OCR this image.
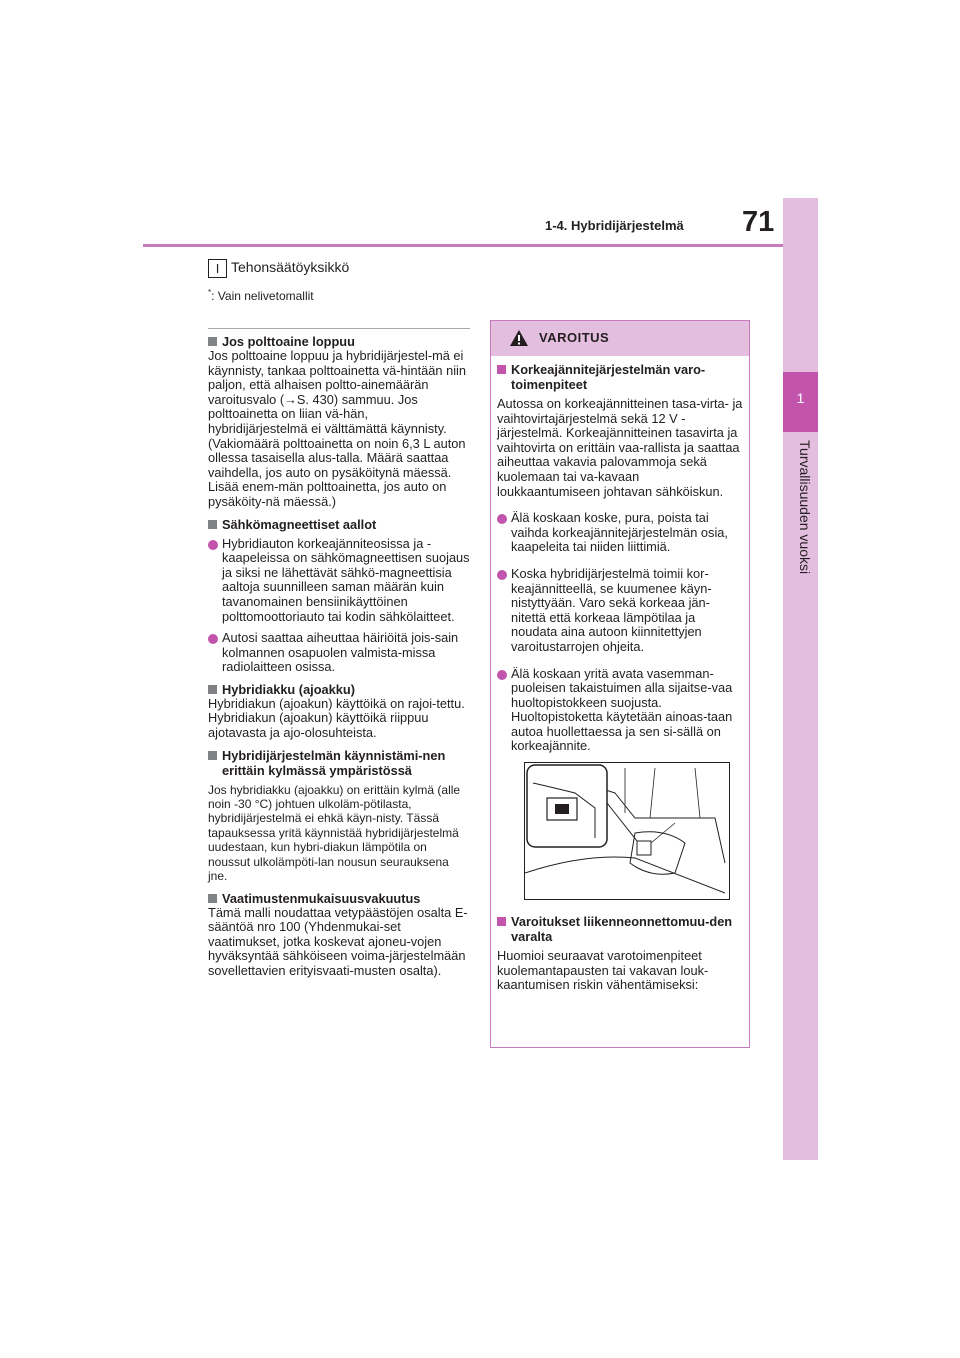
1-4. Hybridijärjestelmä 71
1
Turvallisuuden vuoksi
I Tehonsäätöyksikkö
*: Vain nelivetomallit

Jos polttoaine loppuu

Jos polttoaine loppuu ja hybridijärjestel-mä ei käynnisty, tankaa polttoainetta vä-hintään niin paljon, että alhaisen poltto-ainemäärän varoitusvalo (→S. 430) sammuu. Jos polttoainetta on liian vä-hän, hybridijärjestelmä ei välttämättä käynnisty. (Vakiomäärä polttoainetta on noin 6,3 L auton ollessa tasaisella alus-talla. Määrä saattaa vaihdella, jos auto on pysäköitynä mäessä. Lisää enem-män polttoainetta, jos auto on pysäköity-nä mäessä.)

Sähkömagneettiset aallot

Hybridiauton korkeajänniteosissa ja -kaapeleissa on sähkömagneettisen suojaus ja siksi ne lähettävät sähkö-magneettisia aaltoja suunnilleen saman määrän kuin tavanomainen bensiinikäyttöinen polttomoottoriauto tai kodin sähkölaitteet.

Autosi saattaa aiheuttaa häiriöitä jois-sain kolmannen osapuolen valmista-missa radiolaitteen osissa.

Hybridiakku (ajoakku)

Hybridiakun (ajoakun) käyttöikä on rajoi-tettu. Hybridiakun (ajoakun) käyttöikä riippuu ajotavasta ja ajo-olosuhteista.

Hybridijärjestelmän käynnistämi-nen erittäin kylmässä ympäristössä

Jos hybridiakku (ajoakku) on erittäin kylmä (alle noin -30 °C) johtuen ulkoläm-pötilasta, hybridijärjestelmä ei ehkä käyn-nisty. Tässä tapauksessa yritä käynnistää hybridijärjestelmä uudestaan, kun hybri-diakun lämpötila on noussut ulkolämpöti-lan nousun seurauksena jne.

Vaatimustenmukaisuusvakuutus

Tämä malli noudattaa vetypäästöjen osalta E-sääntöä nro 100 (Yhdenmukai-set vaatimukset, jotka koskevat ajoneu-vojen hyväksyntää sähköiseen voima-järjestelmään sovellettavien erityisvaati-musten osalta).

VAROITUS

Korkeajännitejärjestelmän varo-toimenpiteet

Autossa on korkeajännitteinen tasa-virta- ja vaihtovirtajärjestelmä sekä 12 V -järjestelmä. Korkeajännitteinen tasavirta ja vaihtovirta on erittäin vaa-rallista ja saattaa aiheuttaa vakavia palovammoja sekä kuolemaan tai va-kavaan loukkaantumiseen johtavan sähköiskun.

Älä koskaan koske, pura, poista tai vaihda korkeajännitejärjestelmän osia, kaapeleita tai niiden liittimiä.

Koska hybridijärjestelmä toimii kor-keajännitteellä, se kuumenee käyn-nistyttyään. Varo sekä korkeaa jän-nitettä että korkeaa lämpötilaa ja noudata aina autoon kiinnitettyjen varoitustarrojen ohjeita.

Älä koskaan yritä avata vasemman-puoleisen takaistuimen alla sijaitse-vaa huoltopistokkeen suojusta. Huoltopistoketta käytetään ainoas-taan autoa huollettaessa ja sen si-sällä on korkeajännite.

Varoitukset liikenneonnettomuu-den varalta

Huomioi seuraavat varotoimenpiteet kuolemantapausten tai vakavan louk-kaantumisen riskin vähentämiseksi:
